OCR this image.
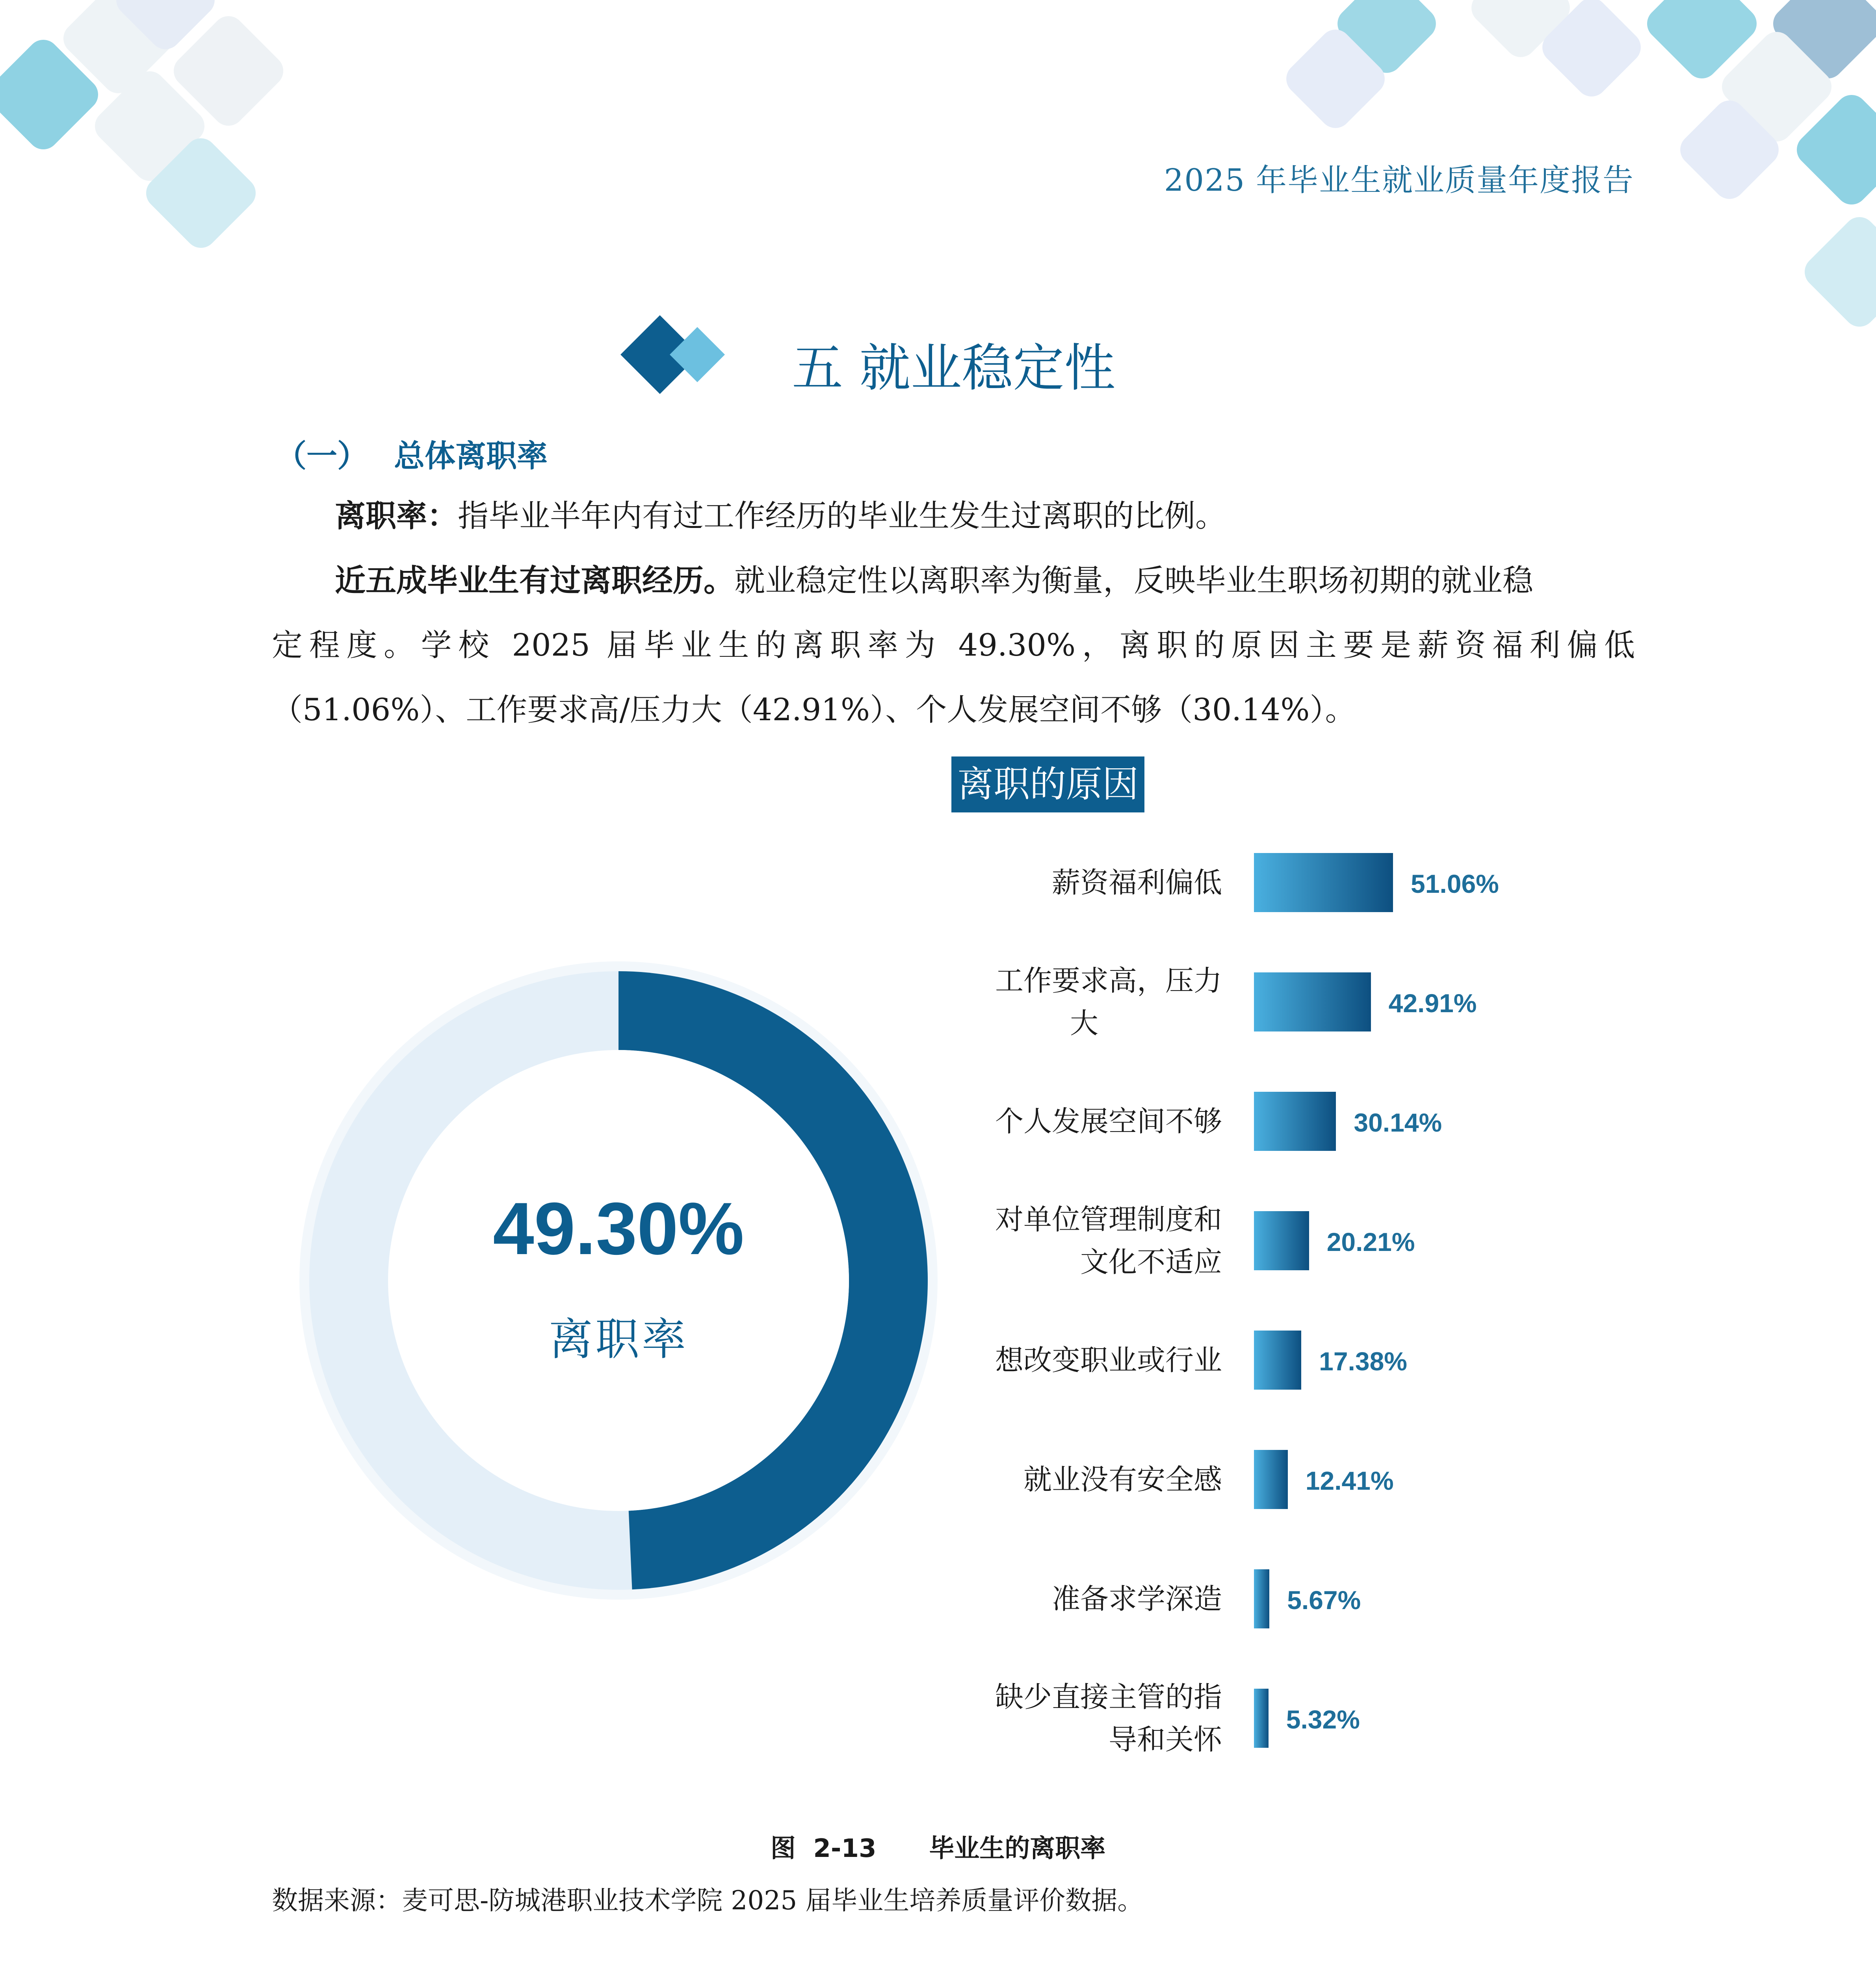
2025 年毕业生就业质量年度报告
五 就业稳定性
（一） 总体离职率
离职率：指毕业半年内有过工作经历的毕业生发生过离职的比例。
近五成毕业生有过离职经历。就业稳定性以离职率为衡量，反映毕业生职场初期的就业稳
定程度。学校 2025 届毕业生的离职率为 49.30%，离职的原因主要是薪资福利偏低
（51.06%）、工作要求高/压力大（42.91%）、个人发展空间不够（30.14%）。
49.30%
离职率
离职的原因
51.06%
薪资福利偏低
42.91%
工作要求高，压力
大
30.14%
个人发展空间不够
20.21%
对单位管理制度和
文化不适应
17.38%
想改变职业或行业
12.41%
就业没有安全感
5.67%
准备求学深造
5.32%
缺少直接主管的指
导和关怀
图  2-13      毕业生的离职率
数据来源：麦可思-防城港职业技术学院 2025 届毕业生培养质量评价数据。
